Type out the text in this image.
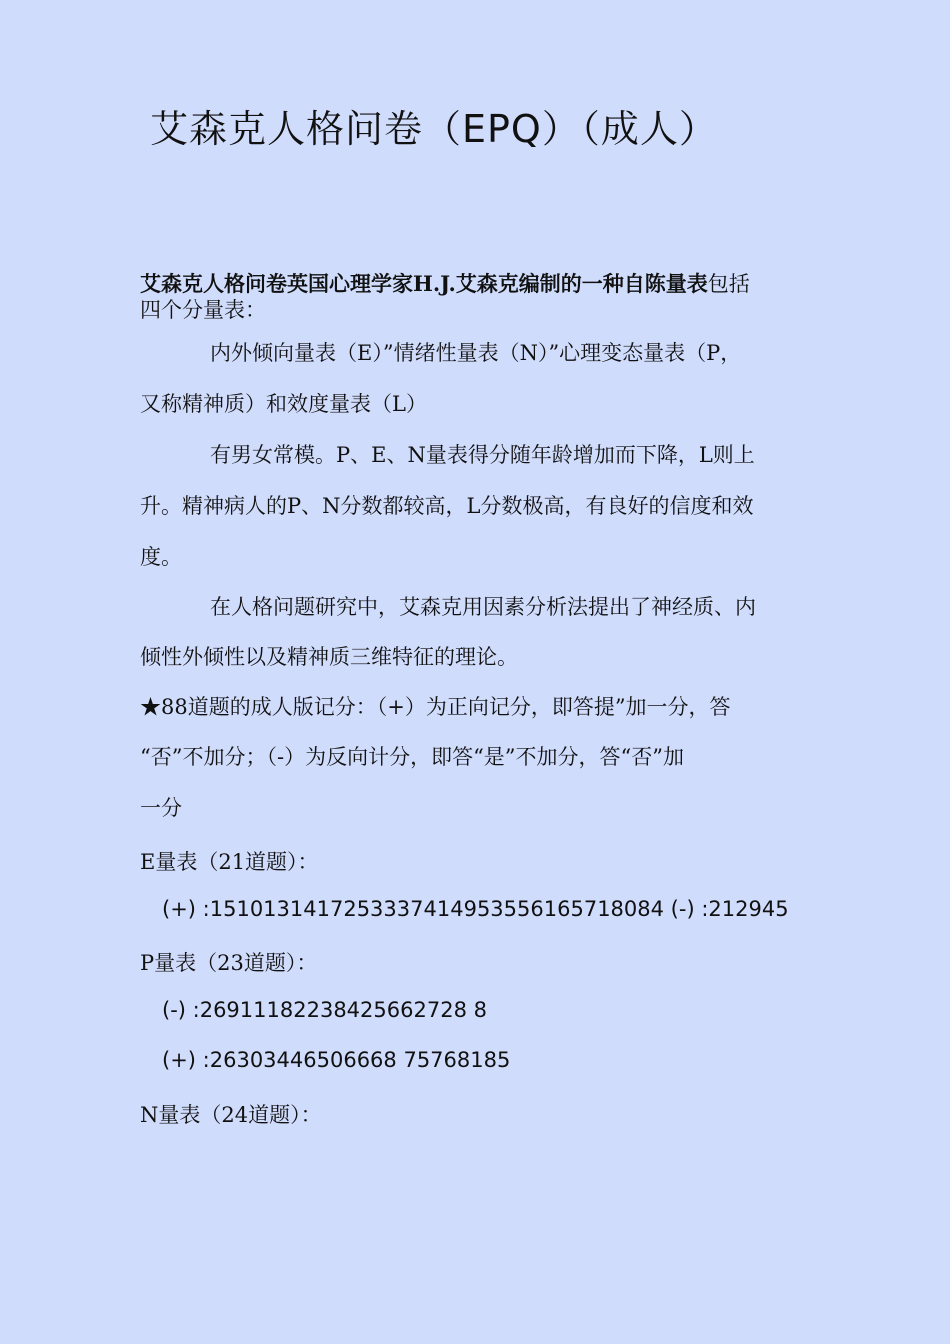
艾森克人格问卷（EPQ）（成人）
艾森克人格问卷英国心理学家H.J.艾森克编制的一种自陈量表包括
四个分量表：
内外倾向量表（E）”情绪性量表（N）”心理变态量表（P，
又称精神质）和效度量表（L）
有男女常模。P、E、N量表得分随年龄增加而下降，L则上
升。精神病人的P、N分数都较高，L分数极高，有良好的信度和效
度。
在人格问题研究中，艾森克用因素分析法提出了神经质、内
倾性外倾性以及精神质三维特征的理论。
★88道题的成人版记分：（+）为正向记分，即答提”加一分，答
“否”不加分；（-）为反向计分，即答“是”不加分，答“否”加
一分
E量表（21道题）：
(+) :1510131417253337414953556165718084 (-) :212945
P量表（23道题）：
(-) :26911182238425662728 8
(+) :26303446506668 75768185
N量表（24道题）：
